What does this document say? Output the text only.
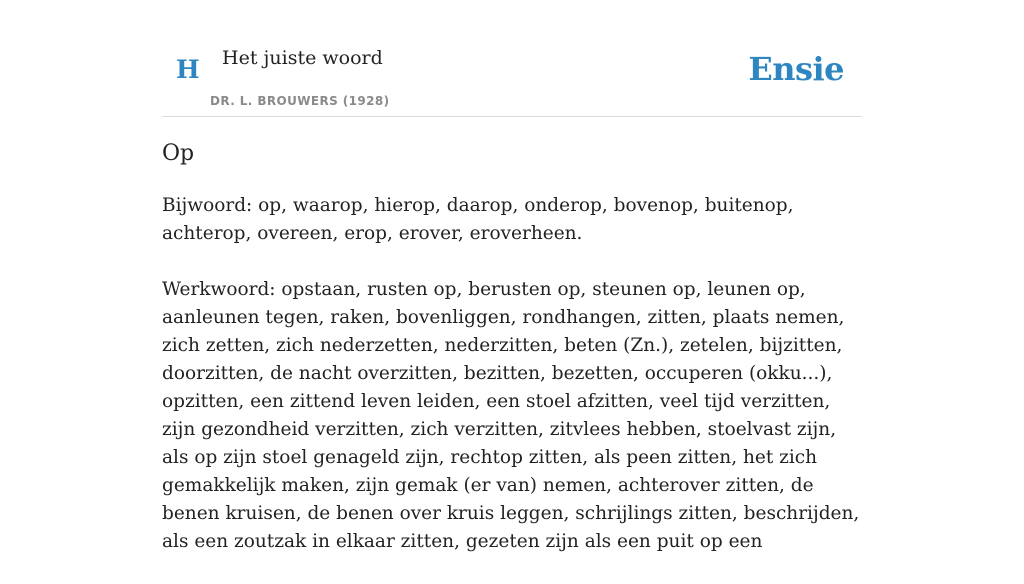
H Het juiste woord
DR. L. BROUWERS (1928)
Ensie
Op

Bijwoord: op, waarop, hierop, daarop, onderop, bovenop, buitenop, achterop, overeen, erop, erover, eroverheen.

Werkwoord: opstaan, rusten op, berusten op, steunen op, leunen op, aanleunen tegen, raken, bovenliggen, rondhangen, zitten, plaats nemen, zich zetten, zich nederzetten, nederzitten, beten (Zn.), zetelen, bijzitten, doorzitten, de nacht overzitten, bezitten, bezetten, occuperen (okku...), opzitten, een zittend leven leiden, een stoel afzitten, veel tijd verzitten, zijn gezondheid verzitten, zich verzitten, zitvlees hebben, stoelvast zijn, als op zijn stoel genageld zijn, rechtop zitten, als peen zitten, het zich gemakkelijk maken, zijn gemak (er van) nemen, achterover zitten, de benen kruisen, de benen over kruis leggen, schrijlings zitten, beschrijden, als een zoutzak in elkaar zitten, gezeten zijn als een puit op een
